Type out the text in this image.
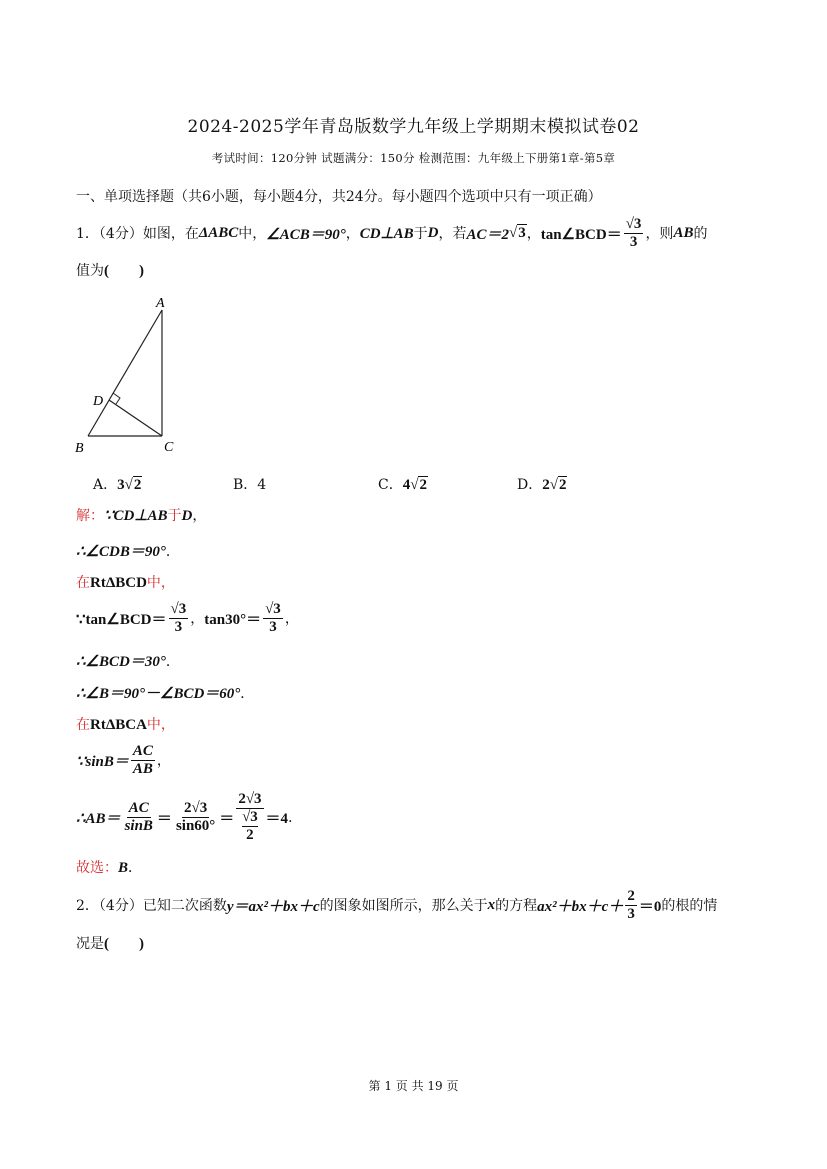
2024-2025学年青岛版数学九年级上学期期末模拟试卷02
考试时间：120分钟 试题满分：150分 检测范围：九年级上下册第1章-第5章
一、单项选择题（共6小题，每小题4分，共24分。每小题四个选项中只有一项正确）
1．（4分）如图，在 ΔABC 中， ∠ACB＝90° ， CD⊥AB 于 D ，若 AC＝2 √3 ， tan∠BCD＝ $\frac{√3}{3}$ ，则 AB 的
值为(　　)
A
B	C
D
A．3√2	B．4	C．4√2	D．2√2
解：∵CD⊥AB于D，
∴∠CDB＝90°．
在RtΔBCD中，
∵tan∠BCD＝ $\frac{√3}{3}$ ， $\tan 30^\circ= \frac{√3}{3}$ ，
∴∠BCD＝30°．
∴∠B＝90°－∠BCD＝60°．
在RtΔBCA中，
∵sinB＝ $\frac{AC}{AB}$ ，
∴AB＝ $\frac{AC}{\sin B} = \frac{2√3}{\sin 60^\circ} = 2√3$
√3
2 ＝4 ．
故选：B．
2．（4分）已知二次函数 y＝ax²＋bx＋c 的图象如图所示，那么关于 x 的方程 $ax^2+bx+c+ \frac{2}{3} =0$ 的根的情
况是(　　)
第 1 页 共 19 页
